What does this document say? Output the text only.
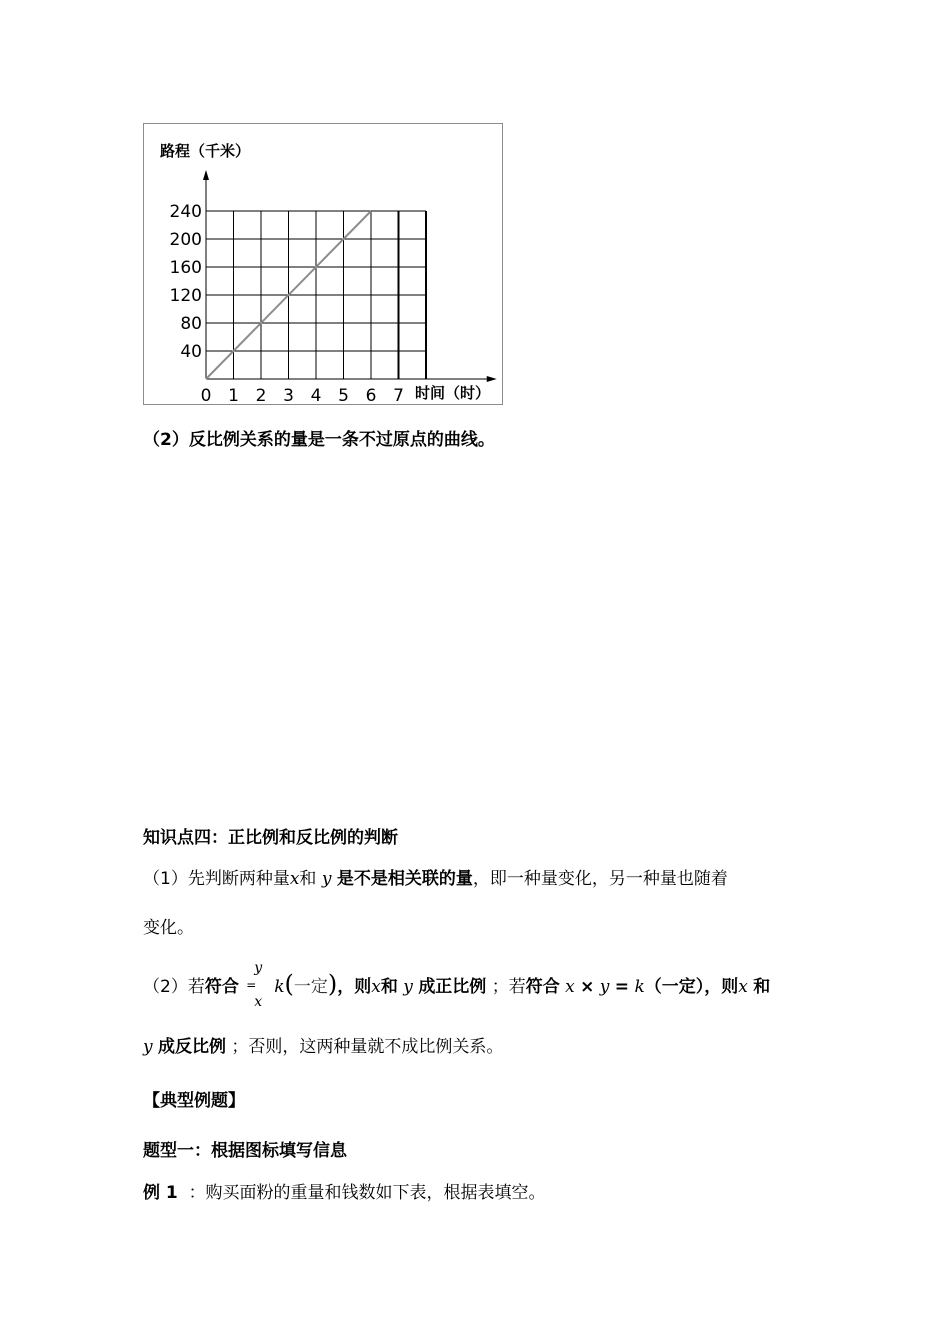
40
80
120
160
200
240
0 1 2 3 4 5 6 7
路程（千米）
时间（时）
（2）反比例关系的量是一条不过原点的曲线。
知识点四：正比例和反比例的判断
（1）先判断两种量x和 y 是不是相关联的量，即一种量变化，另一种量也随着
变化。
（2）若符合
y
=
x
k(一定)，则x和 y 成正比例 ；若符合 x × y = k（一定），则x 和
y 成反比例 ；否则，这两种量就不成比例关系。
【典型例题】
题型一：根据图标填写信息
例 1 ：购买面粉的重量和钱数如下表，根据表填空。
